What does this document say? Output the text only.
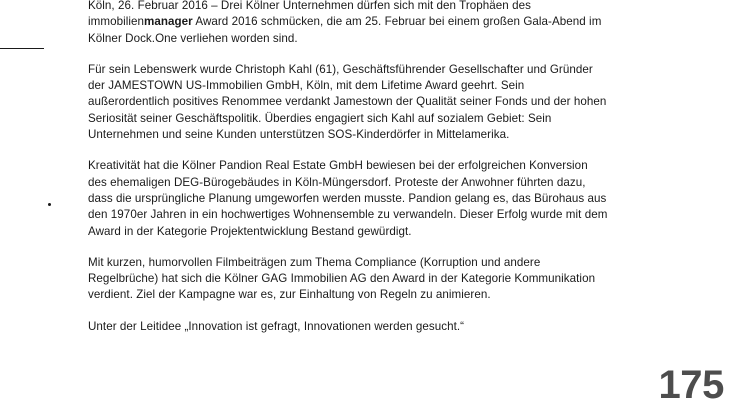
Köln, 26. Februar 2016 – Drei Kölner Unternehmen dürfen sich mit den Trophäen des immobilienmanager Award 2016 schmücken, die am 25. Februar bei einem großen Gala-Abend im Kölner Dock.One verliehen worden sind.

Für sein Lebenswerk wurde Christoph Kahl (61), Geschäftsführender Gesellschafter und Gründer der JAMESTOWN US-Immobilien GmbH, Köln, mit dem Lifetime Award geehrt. Sein außerordentlich positives Renommee verdankt Jamestown der Qualität seiner Fonds und der hohen Seriosität seiner Geschäftspolitik. Überdies engagiert sich Kahl auf sozialem Gebiet: Sein Unternehmen und seine Kunden unterstützen SOS-Kinderdörfer in Mittelamerika.

Kreativität hat die Kölner Pandion Real Estate GmbH bewiesen bei der erfolgreichen Konversion des ehemaligen DEG-Bürogebäudes in Köln-Müngersdorf. Proteste der Anwohner führten dazu, dass die ursprüngliche Planung umgeworfen werden musste. Pandion gelang es, das Bürohaus aus den 1970er Jahren in ein hochwertiges Wohnensemble zu verwandeln. Dieser Erfolg wurde mit dem Award in der Kategorie Projektentwicklung Bestand gewürdigt.

Mit kurzen, humorvollen Filmbeiträgen zum Thema Compliance (Korruption und andere Regelbrüche) hat sich die Kölner GAG Immobilien AG den Award in der Kategorie Kommunikation verdient. Ziel der Kampagne war es, zur Einhaltung von Regeln zu animieren.

Unter der Leitidee „Innovation ist gefragt, Innovationen werden gesucht.“

175
